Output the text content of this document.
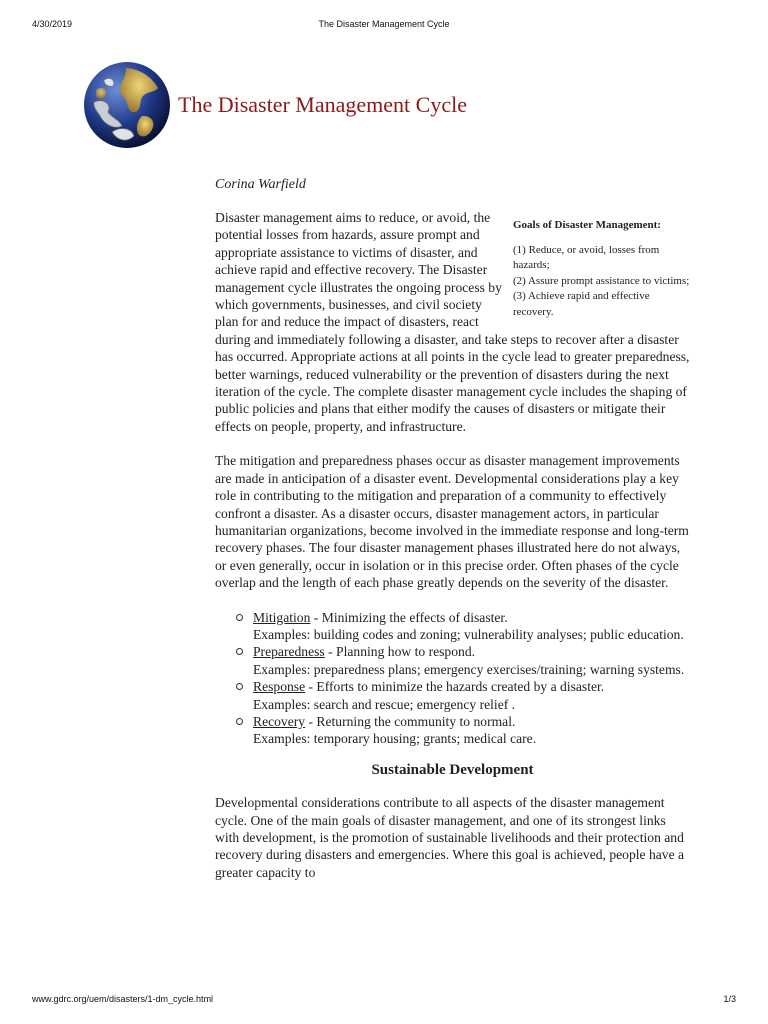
4/30/2019	The Disaster Management Cycle
The Disaster Management Cycle
Corina Warfield
Goals of Disaster Management:
(1) Reduce, or avoid, losses from hazards;
(2) Assure prompt assistance to victims;
(3) Achieve rapid and effective recovery.

Disaster management aims to reduce, or avoid, the potential losses from hazards, assure prompt and appropriate assistance to victims of disaster, and achieve rapid and effective recovery. The Disaster management cycle illustrates the ongoing process by which governments, businesses, and civil society plan for and reduce the impact of disasters, react during and immediately following a disaster, and take steps to recover after a disaster has occurred. Appropriate actions at all points in the cycle lead to greater preparedness, better warnings, reduced vulnerability or the prevention of disasters during the next iteration of the cycle. The complete disaster management cycle includes the shaping of public policies and plans that either modify the causes of disasters or mitigate their effects on people, property, and infrastructure.

The mitigation and preparedness phases occur as disaster management improvements are made in anticipation of a disaster event. Developmental considerations play a key role in contributing to the mitigation and preparation of a community to effectively confront a disaster. As a disaster occurs, disaster management actors, in particular humanitarian organizations, become involved in the immediate response and long-term recovery phases. The four disaster management phases illustrated here do not always, or even generally, occur in isolation or in this precise order. Often phases of the cycle overlap and the length of each phase greatly depends on the severity of the disaster.

Mitigation - Minimizing the effects of disaster.
Examples: building codes and zoning; vulnerability analyses; public education.
Preparedness - Planning how to respond.
Examples: preparedness plans; emergency exercises/training; warning systems.
Response - Efforts to minimize the hazards created by a disaster.
Examples: search and rescue; emergency relief .
Recovery - Returning the community to normal.
Examples: temporary housing; grants; medical care.
Sustainable Development

Developmental considerations contribute to all aspects of the disaster management cycle. One of the main goals of disaster management, and one of its strongest links with development, is the promotion of sustainable livelihoods and their protection and recovery during disasters and emergencies. Where this goal is achieved, people have a greater capacity to

www.gdrc.org/uem/disasters/1-dm_cycle.html	1/3
